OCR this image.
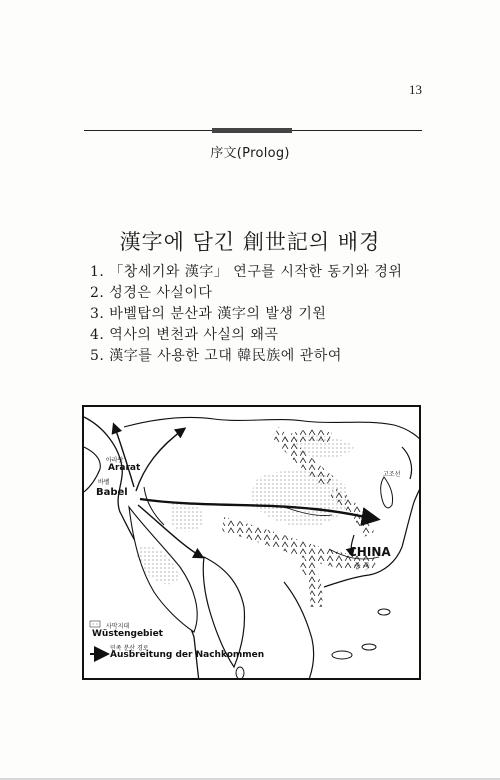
13
序文(Prolog)
漢字에 담긴 創世記의 배경
1. 「창세기와 漢字」 연구를 시작한 동기와 경위
2. 성경은 사실이다
3. 바벨탑의 분산과 漢字의 발생 기원
4. 역사의 변천과 사실의 왜곡
5. 漢字를 사용한 고대 韓民族에 관하여
아라랏
Ararat
바벨
Babel
CHINA
중 국
고조선
사막지대
Wüstengebiet
민족 분산 경로
Ausbreitung der Nachkommen
